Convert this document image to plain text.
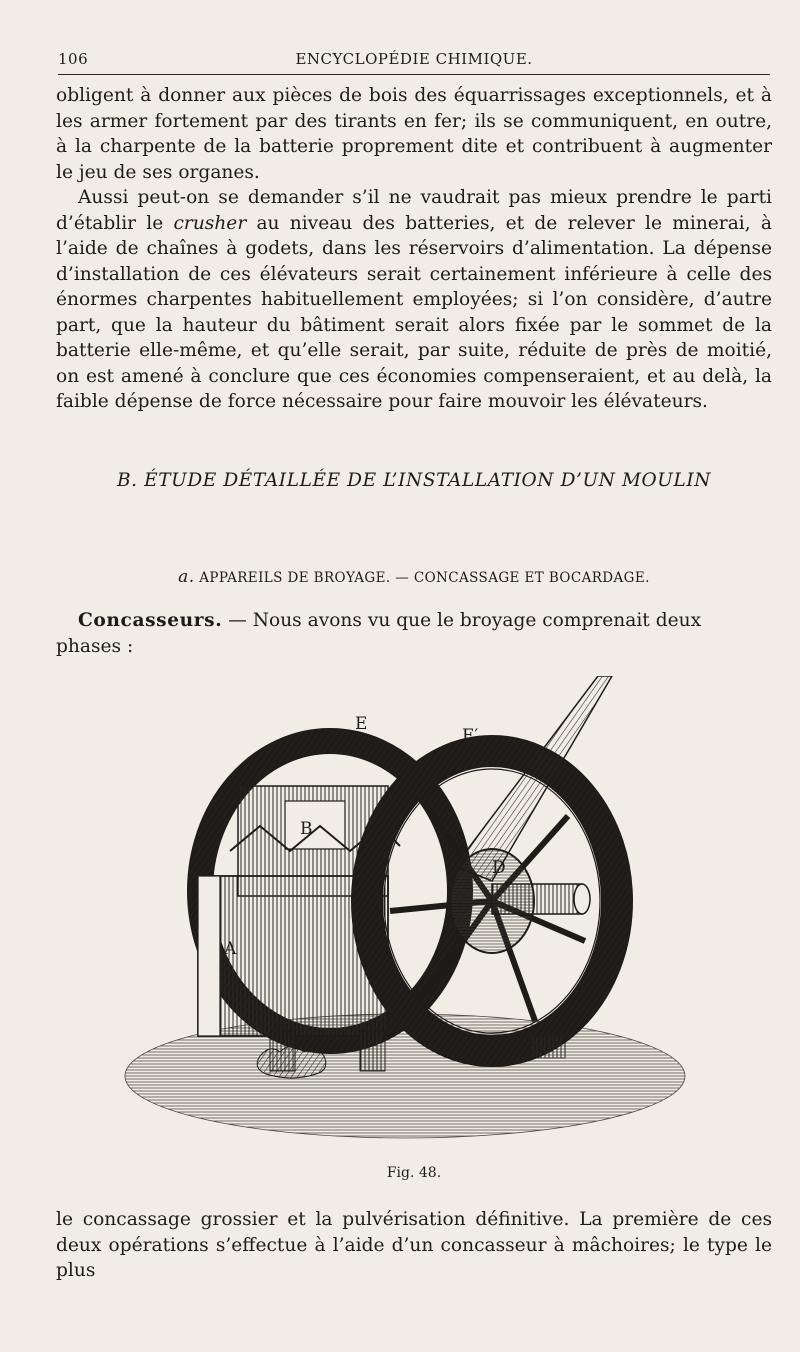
106	ENCYCLOPÉDIE CHIMIQUE.

obligent à donner aux pièces de bois des équarrissages exceptionnels, et à les armer fortement par des tirants en fer; ils se communiquent, en outre, à la charpente de la batterie proprement dite et contribuent à augmenter le jeu de ses organes.

Aussi peut-on se demander s’il ne vaudrait pas mieux prendre le parti d’établir le crusher au niveau des batteries, et de relever le minerai, à l’aide de chaînes à godets, dans les réservoirs d’alimentation. La dépense d’installation de ces élévateurs serait certainement inférieure à celle des énormes charpentes habituellement employées; si l’on considère, d’autre part, que la hauteur du bâtiment serait alors fixée par le sommet de la batterie elle-même, et qu’elle serait, par suite, réduite de près de moitié, on est amené à conclure que ces économies compenseraient, et au delà, la faible dépense de force nécessaire pour faire mouvoir les élévateurs.

B. ÉTUDE DÉTAILLÉE DE L’INSTALLATION D’UN MOULIN
a. APPAREILS DE BROYAGE. — CONCASSAGE ET BOCARDAGE.

Concasseurs. — Nous avons vu que le broyage comprenait deux phases :

E
E′
B
D
A
Fig. 48.

le concassage grossier et la pulvérisation définitive. La première de ces deux opérations s’effectue à l’aide d’un concasseur à mâchoires; le type le plus
